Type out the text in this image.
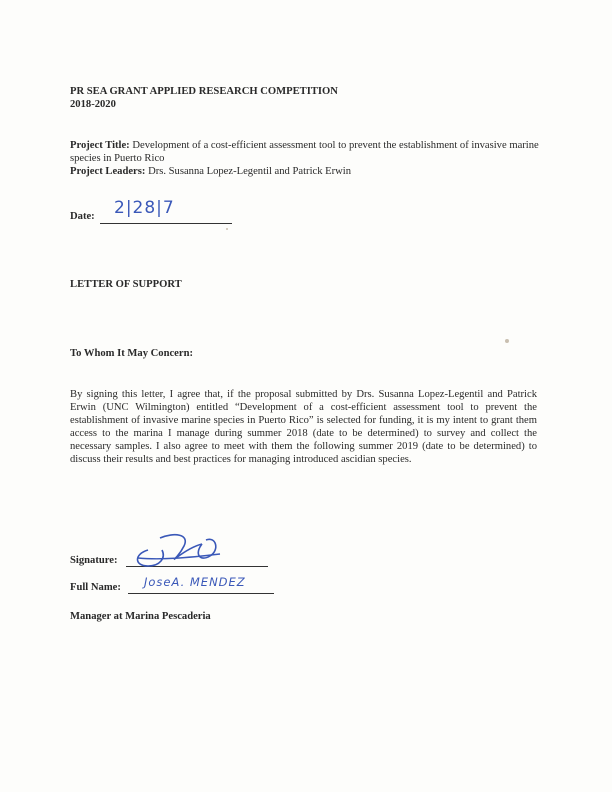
PR SEA GRANT APPLIED RESEARCH COMPETITION
2018-2020
Project Title: Development of a cost-efficient assessment tool to prevent the establishment of invasive marine species in Puerto Rico
Project Leaders: Drs. Susanna Lopez-Legentil and Patrick Erwin
Date: 2|28|7
LETTER OF SUPPORT
To Whom It May Concern:
By signing this letter, I agree that, if the proposal submitted by Drs. Susanna Lopez-Legentil and Patrick Erwin (UNC Wilmington) entitled “Development of a cost-efficient assessment tool to prevent the establishment of invasive marine species in Puerto Rico” is selected for funding, it is my intent to grant them access to the marina I manage during summer 2018 (date to be determined) to survey and collect the necessary samples. I also agree to meet with them the following summer 2019 (date to be determined) to discuss their results and best practices for managing introduced ascidian species.
Signature:
Full Name: JoseA. MENDEZ
Manager at Marina Pescaderia
